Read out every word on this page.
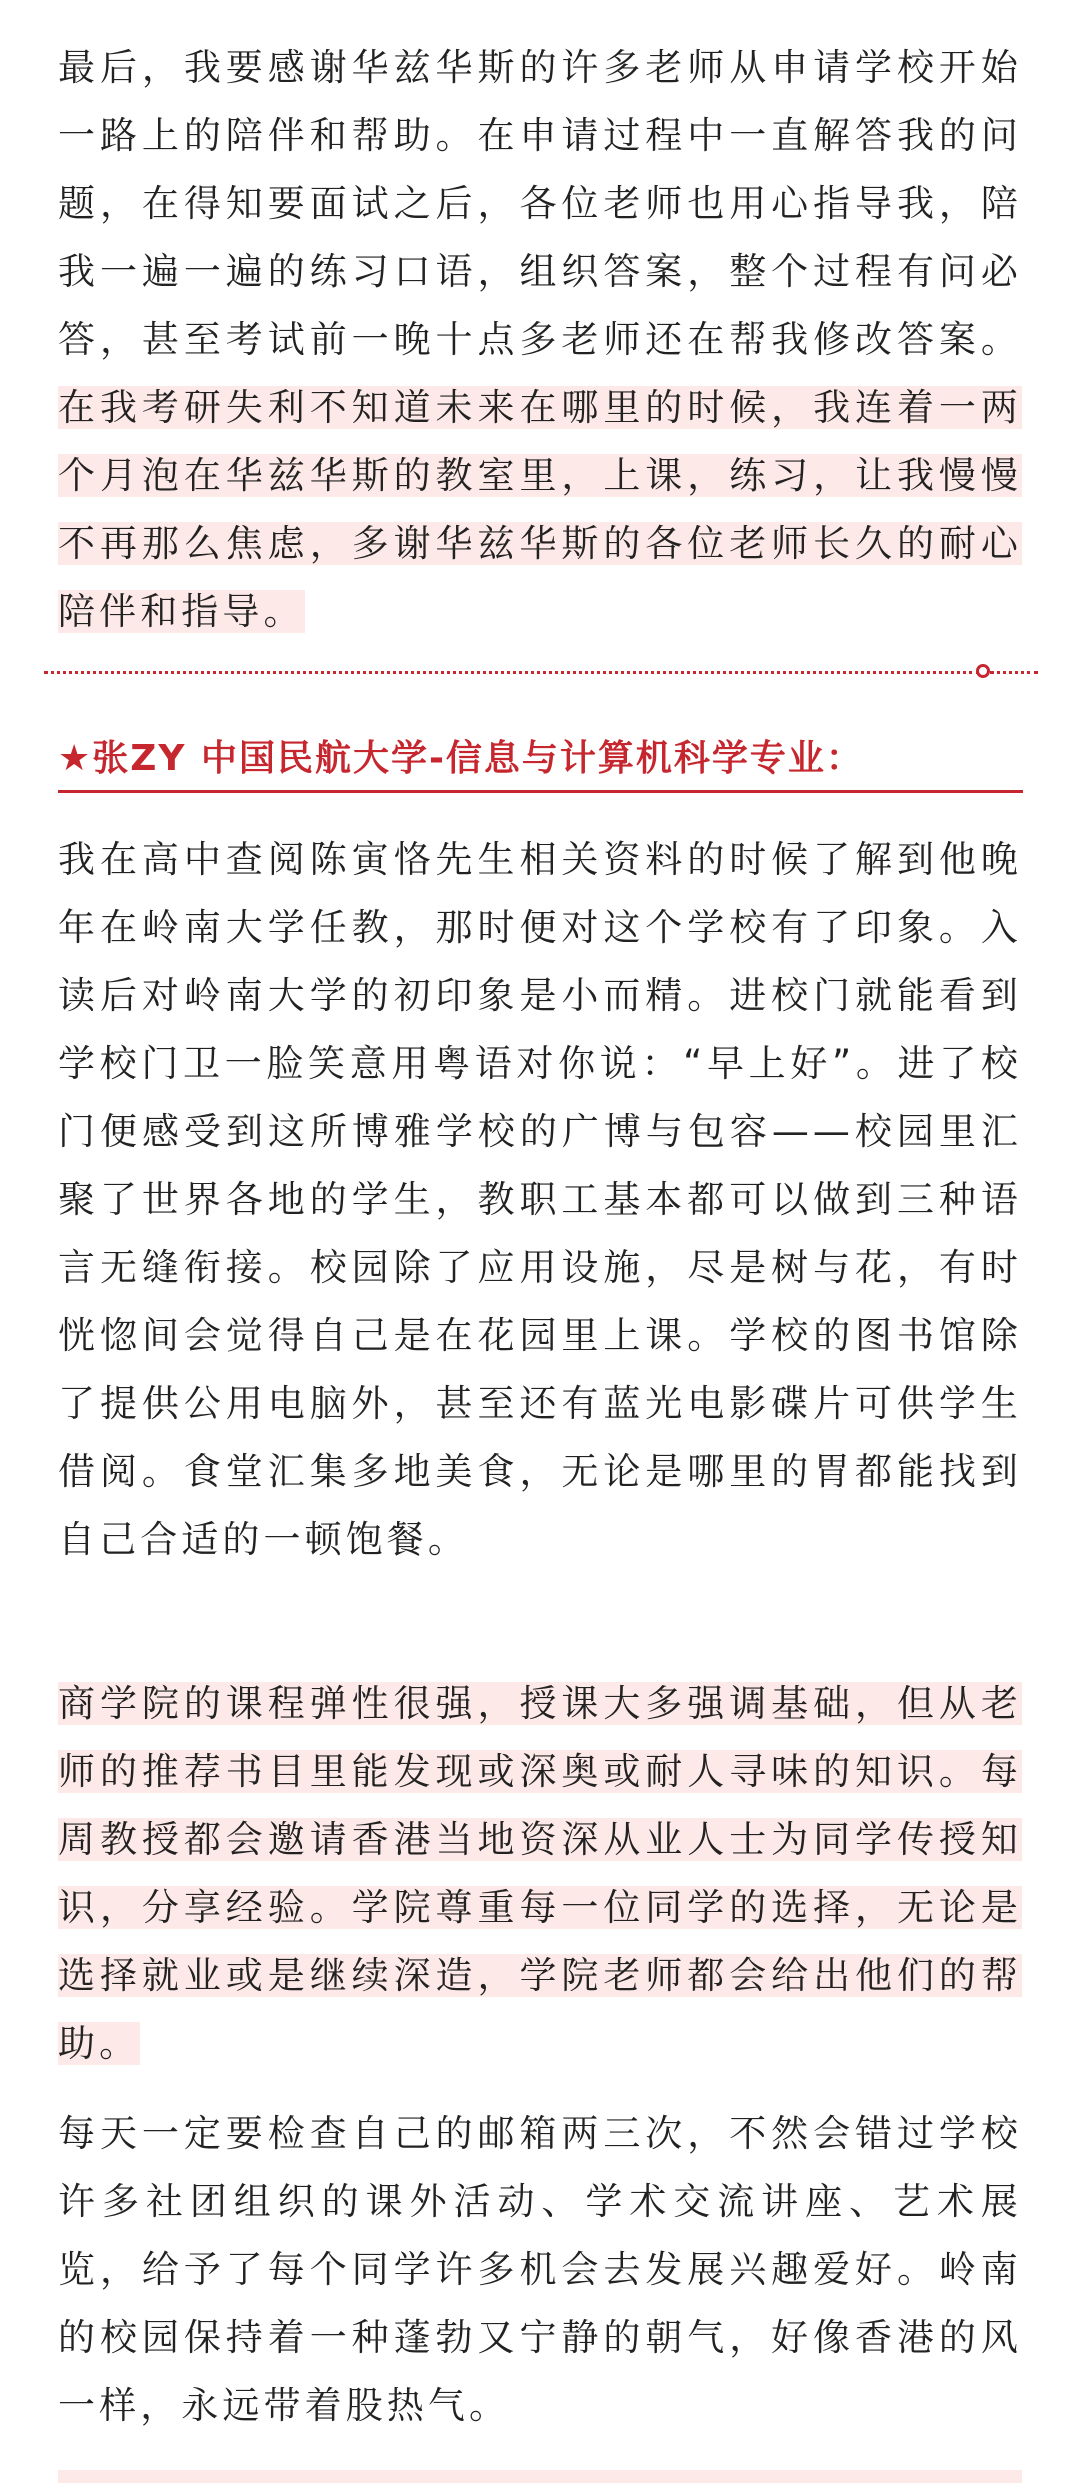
最后，我要感谢华兹华斯的许多老师从申请学校开始一路上的陪伴和帮助。在申请过程中一直解答我的问题，在得知要面试之后，各位老师也用心指导我，陪我一遍一遍的练习口语，组织答案，整个过程有问必答，甚至考试前一晚十点多老师还在帮我修改答案。在我考研失利不知道未来在哪里的时候，我连着一两个月泡在华兹华斯的教室里，上课，练习，让我慢慢不再那么焦虑，多谢华兹华斯的各位老师长久的耐心陪伴和指导。

★张ZY 中国民航大学-信息与计算机科学专业：

我在高中查阅陈寅恪先生相关资料的时候了解到他晚年在岭南大学任教，那时便对这个学校有了印象。入读后对岭南大学的初印象是小而精。进校门就能看到学校门卫一脸笑意用粤语对你说：“早上好”。进了校门便感受到这所博雅学校的广博与包容——校园里汇聚了世界各地的学生，教职工基本都可以做到三种语言无缝衔接。校园除了应用设施，尽是树与花，有时恍惚间会觉得自己是在花园里上课。学校的图书馆除了提供公用电脑外，甚至还有蓝光电影碟片可供学生借阅。食堂汇集多地美食，无论是哪里的胃都能找到自己合适的一顿饱餐。

商学院的课程弹性很强，授课大多强调基础，但从老师的推荐书目里能发现或深奥或耐人寻味的知识。每周教授都会邀请香港当地资深从业人士为同学传授知识，分享经验。学院尊重每一位同学的选择，无论是选择就业或是继续深造，学院老师都会给出他们的帮助。

每天一定要检查自己的邮箱两三次，不然会错过学校许多社团组织的课外活动、学术交流讲座、艺术展览，给予了每个同学许多机会去发展兴趣爱好。岭南的校园保持着一种蓬勃又宁静的朝气，好像香港的风一样，永远带着股热气。
